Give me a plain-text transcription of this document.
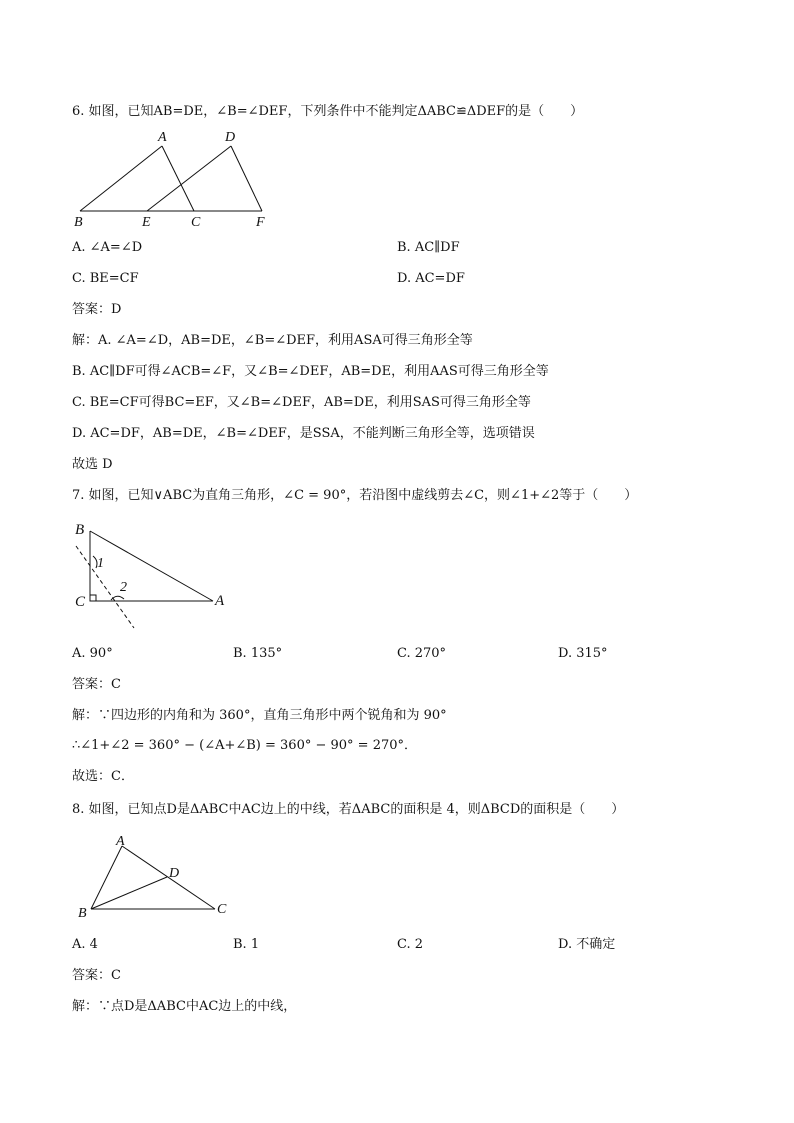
6. 如图，已知AB=DE，∠B=∠DEF，下列条件中不能判定ΔABC≌ΔDEF的是（　　）
A	D
B	E	C	F
A. ∠A=∠D	B. AC∥DF
C. BE=CF	D. AC=DF
答案：D
解：A. ∠A=∠D，AB=DE，∠B=∠DEF，利用ASA可得三角形全等
B. AC∥DF可得∠ACB=∠F，又∠B=∠DEF，AB=DE，利用AAS可得三角形全等
C. BE=CF可得BC=EF，又∠B=∠DEF，AB=DE，利用SAS可得三角形全等
D. AC=DF，AB=DE，∠B=∠DEF，是SSA，不能判断三角形全等，选项错误
故选 D
7. 如图，已知∨ABC为直角三角形，∠C = 90°，若沿图中虚线剪去∠C，则∠1+∠2等于（　　）
B
C	A
1
2
A. 90°	B. 135°	C. 270°	D. 315°
答案：C
解：∵四边形的内角和为 360°，直角三角形中两个锐角和为 90°
∴∠1+∠2 = 360° − (∠A+∠B) = 360° − 90° = 270°．
故选：C．
8. 如图，已知点D是ΔABC中AC边上的中线，若ΔABC的面积是 4，则ΔBCD的面积是（　　）
A
D
B	C
A. 4	B. 1	C. 2	D. 不确定
答案：C
解：∵点D是ΔABC中AC边上的中线，
